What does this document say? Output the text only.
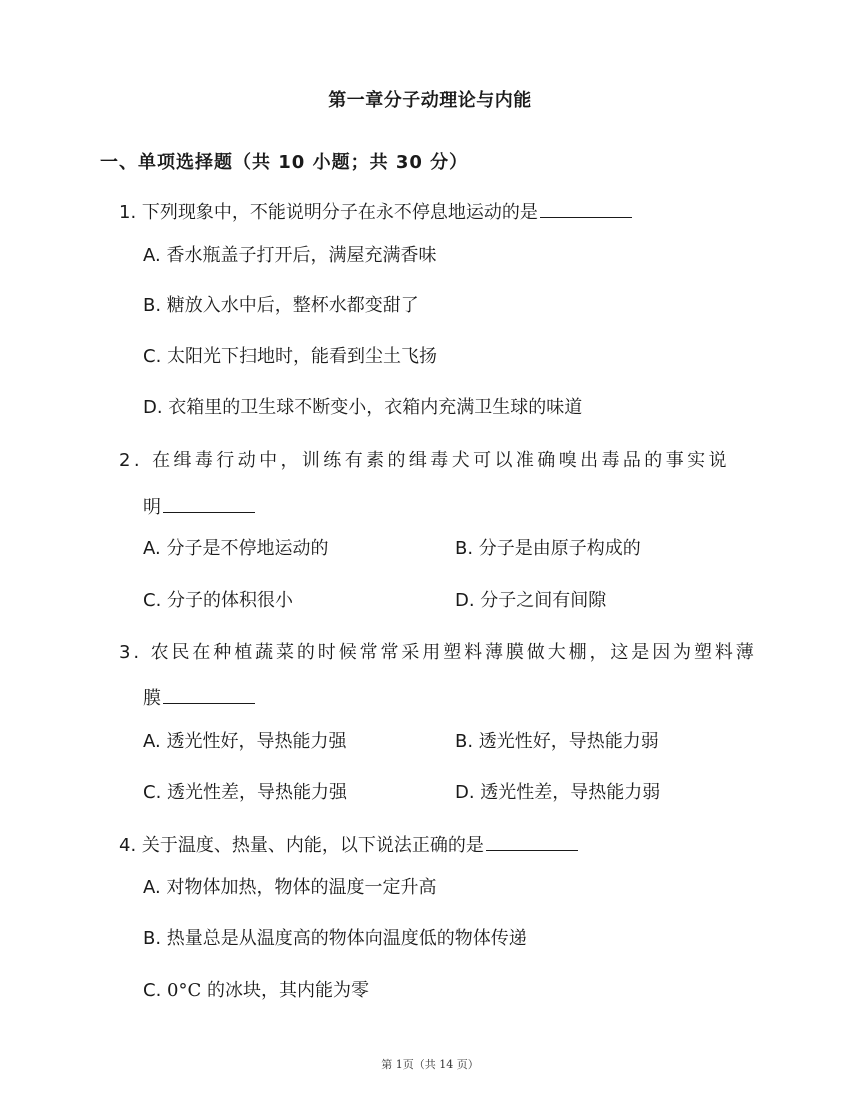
第一章分子动理论与内能
一、单项选择题（共 10 小题；共 30 分）
1. 下列现象中，不能说明分子在永不停息地运动的是
A. 香水瓶盖子打开后，满屋充满香味
B. 糖放入水中后，整杯水都变甜了
C. 太阳光下扫地时，能看到尘土飞扬
D. 衣箱里的卫生球不断变小，衣箱内充满卫生球的味道
2. 在缉毒行动中，训练有素的缉毒犬可以准确嗅出毒品的事实说
明
A. 分子是不停地运动的	B. 分子是由原子构成的
C. 分子的体积很小	D. 分子之间有间隙
3. 农民在种植蔬菜的时候常常采用塑料薄膜做大棚，这是因为塑料薄
膜
A. 透光性好，导热能力强	B. 透光性好，导热能力弱
C. 透光性差，导热能力强	D. 透光性差，导热能力弱
4. 关于温度、热量、内能，以下说法正确的是
A. 对物体加热，物体的温度一定升高
B. 热量总是从温度高的物体向温度低的物体传递
C. 0°C 的冰块，其内能为零
第 1页（共 14 页）
